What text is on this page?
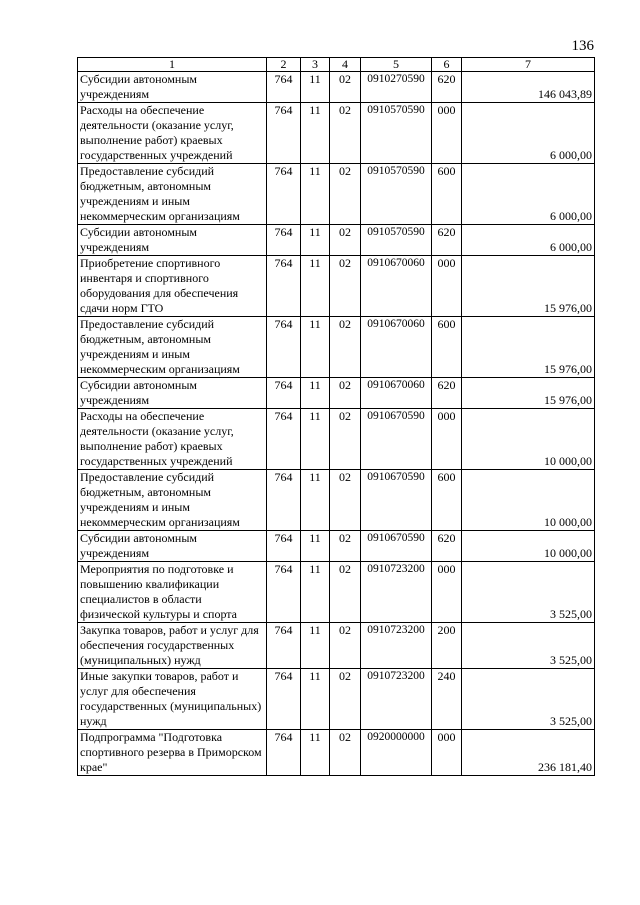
136
1	2	3	4	5	6	7
Субсидии автономным учреждениям	764	11	02	0910270590	620	146 043,89
Расходы на обеспечение деятельности (оказание услуг, выполнение работ) краевых государственных учреждений	764	11	02	0910570590	000	6 000,00
Предоставление субсидий бюджетным, автономным учреждениям и иным некоммерческим организациям	764	11	02	0910570590	600	6 000,00
Субсидии автономным учреждениям	764	11	02	0910570590	620	6 000,00
Приобретение спортивного инвентаря и спортивного оборудования для обеспечения сдачи норм ГТО	764	11	02	0910670060	000	15 976,00
Предоставление субсидий бюджетным, автономным учреждениям и иным некоммерческим организациям	764	11	02	0910670060	600	15 976,00
Субсидии автономным учреждениям	764	11	02	0910670060	620	15 976,00
Расходы на обеспечение деятельности (оказание услуг, выполнение работ) краевых государственных учреждений	764	11	02	0910670590	000	10 000,00
Предоставление субсидий бюджетным, автономным учреждениям и иным некоммерческим организациям	764	11	02	0910670590	600	10 000,00
Субсидии автономным учреждениям	764	11	02	0910670590	620	10 000,00
Мероприятия по подготовке и повышению квалификации специалистов в области физической культуры и спорта	764	11	02	0910723200	000	3 525,00
Закупка товаров, работ и услуг для обеспечения государственных (муниципальных) нужд	764	11	02	0910723200	200	3 525,00
Иные закупки товаров, работ и услуг для обеспечения государственных (муниципальных) нужд	764	11	02	0910723200	240	3 525,00
Подпрограмма "Подготовка спортивного резерва в Приморском крае"	764	11	02	0920000000	000	236 181,40
